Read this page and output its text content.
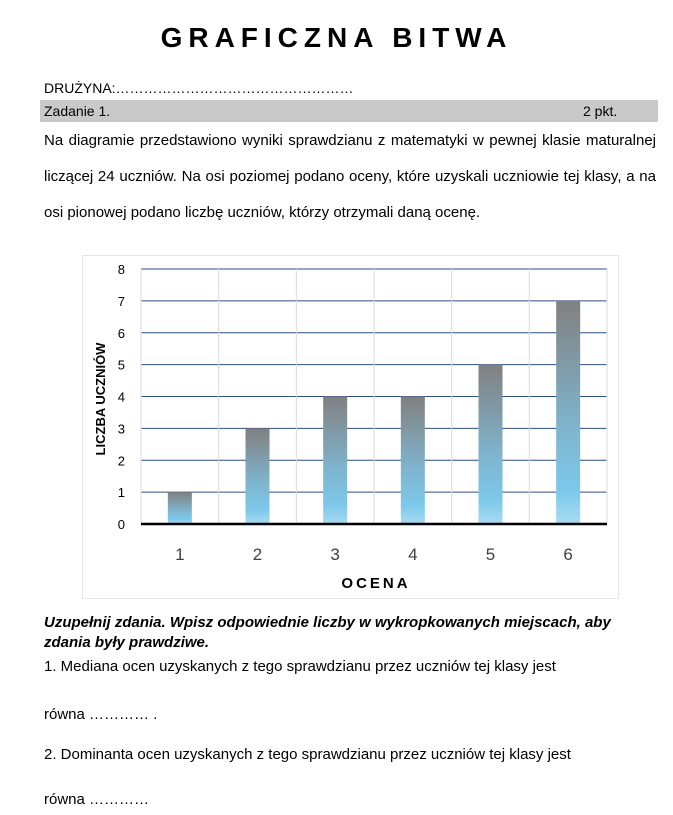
GRAFICZNA BITWA
DRUŻYNA:……………………………………………
Zadanie 1.	2 pkt.
Na diagramie przedstawiono wyniki sprawdzianu z matematyki w pewnej klasie maturalnej liczącej 24 uczniów. Na osi poziomej podano oceny, które uzyskali uczniowie tej klasy, a na osi pionowej podano liczbę uczniów, którzy otrzymali daną ocenę.
LICZBA UCZNIÓW
OCENA
0
1
2
3
4
5
6
7
8
1	2	3	4	5	6
Uzupełnij zdania. Wpisz odpowiednie liczby w wykropkowanych miejscach, aby zdania były prawdziwe.
1. Mediana ocen uzyskanych z tego sprawdzianu przez uczniów tej klasy jest
równa ………… .
2. Dominanta ocen uzyskanych z tego sprawdzianu przez uczniów tej klasy jest
równa …………
